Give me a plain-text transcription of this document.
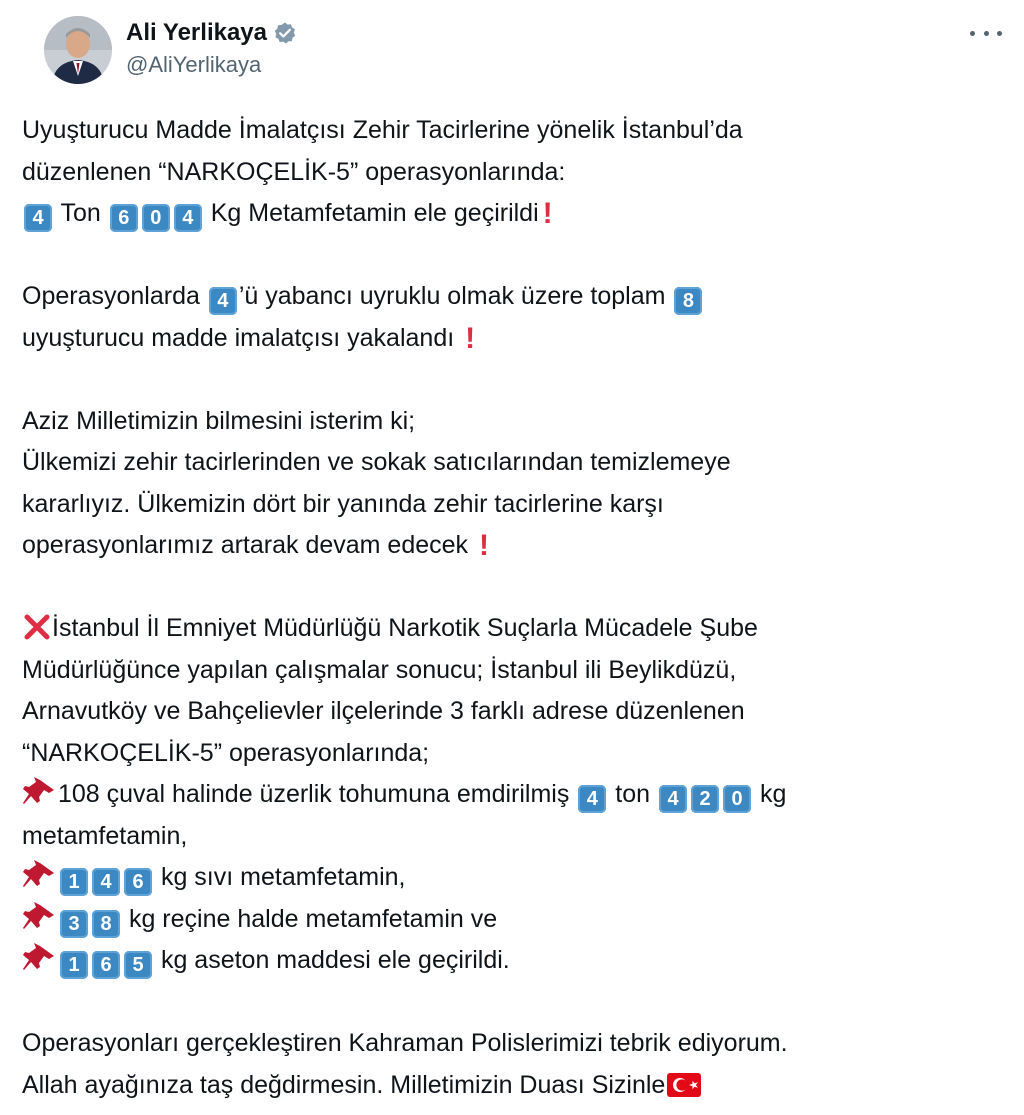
Ali Yerlikaya
@AliYerlikaya
Uyuşturucu Madde İmalatçısı Zehir Tacirlerine yönelik İstanbul’da
düzenlenen “NARKOÇELİK-5” operasyonlarında:
4 Ton 6 0 4 Kg Metamfetamin ele geçirildi !
Operasyonlarda 4 ’ü yabancı uyruklu olmak üzere toplam 8
uyuşturucu madde imalatçısı yakalandı !
Aziz Milletimizin bilmesini isterim ki;
Ülkemizi zehir tacirlerinden ve sokak satıcılarından temizlemeye
kararlıyız. Ülkemizin dört bir yanında zehir tacirlerine karşı
operasyonlarımız artarak devam edecek !
İstanbul İl Emniyet Müdürlüğü Narkotik Suçlarla Mücadele Şube
Müdürlüğünce yapılan çalışmalar sonucu; İstanbul ili Beylikdüzü,
Arnavutköy ve Bahçelievler ilçelerinde 3 farklı adrese düzenlenen
“NARKOÇELİK-5” operasyonlarında;
108 çuval halinde üzerlik tohumuna emdirilmiş 4 ton 4 2 0 kg
metamfetamin,
1 4 6 kg sıvı metamfetamin,
3 8 kg reçine halde metamfetamin ve
1 6 5 kg aseton maddesi ele geçirildi.
Operasyonları gerçekleştiren Kahraman Polislerimizi tebrik ediyorum.
Allah ayağınıza taş değdirmesin. Milletimizin Duası Sizinle
